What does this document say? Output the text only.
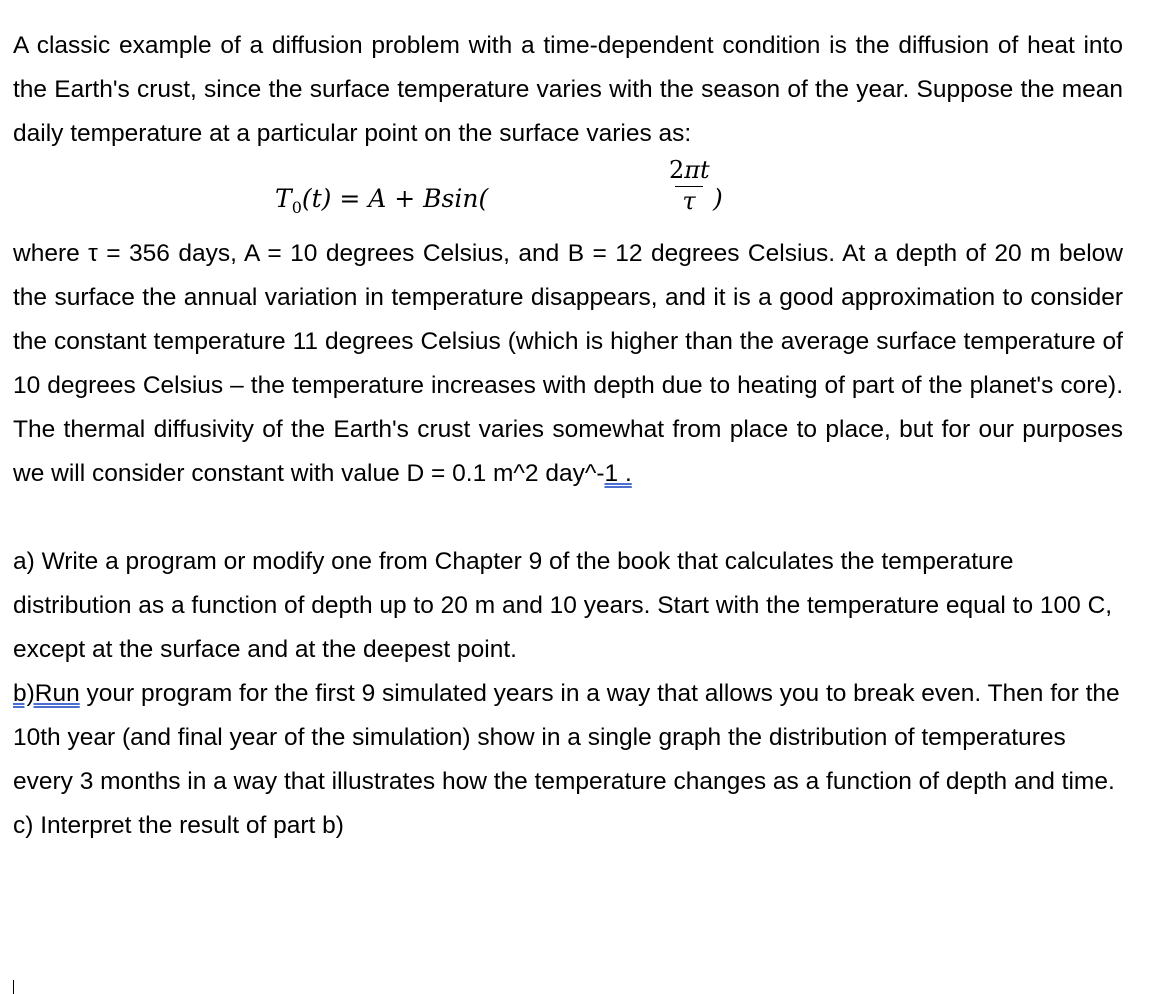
A classic example of a diffusion problem with a time-dependent condition is the diffusion of heat into the Earth's crust, since the surface temperature varies with the season of the year. Suppose the mean daily temperature at a particular point on the surface varies as:

$T_0(t) = A + Bsin$(
2πt
τ )

where τ = 356 days, A = 10 degrees Celsius, and B = 12 degrees Celsius. At a depth of 20 m below the surface the annual variation in temperature disappears, and it is a good approximation to consider the constant temperature 11 degrees Celsius (which is higher than the average surface temperature of 10 degrees Celsius – the temperature increases with depth due to heating of part of the planet's core). The thermal diffusivity of the Earth's crust varies somewhat from place to place, but for our purposes we will consider constant with value D = 0.1 m^2 day^-1 .

a) Write a program or modify one from Chapter 9 of the book that calculates the temperature distribution as a function of depth up to 20 m and 10 years. Start with the temperature equal to 100 C, except at the surface and at the deepest point.

b)Run your program for the first 9 simulated years in a way that allows you to break even. Then for the 10th year (and final year of the simulation) show in a single graph the distribution of temperatures every 3 months in a way that illustrates how the temperature changes as a function of depth and time.

c) Interpret the result of part b)
